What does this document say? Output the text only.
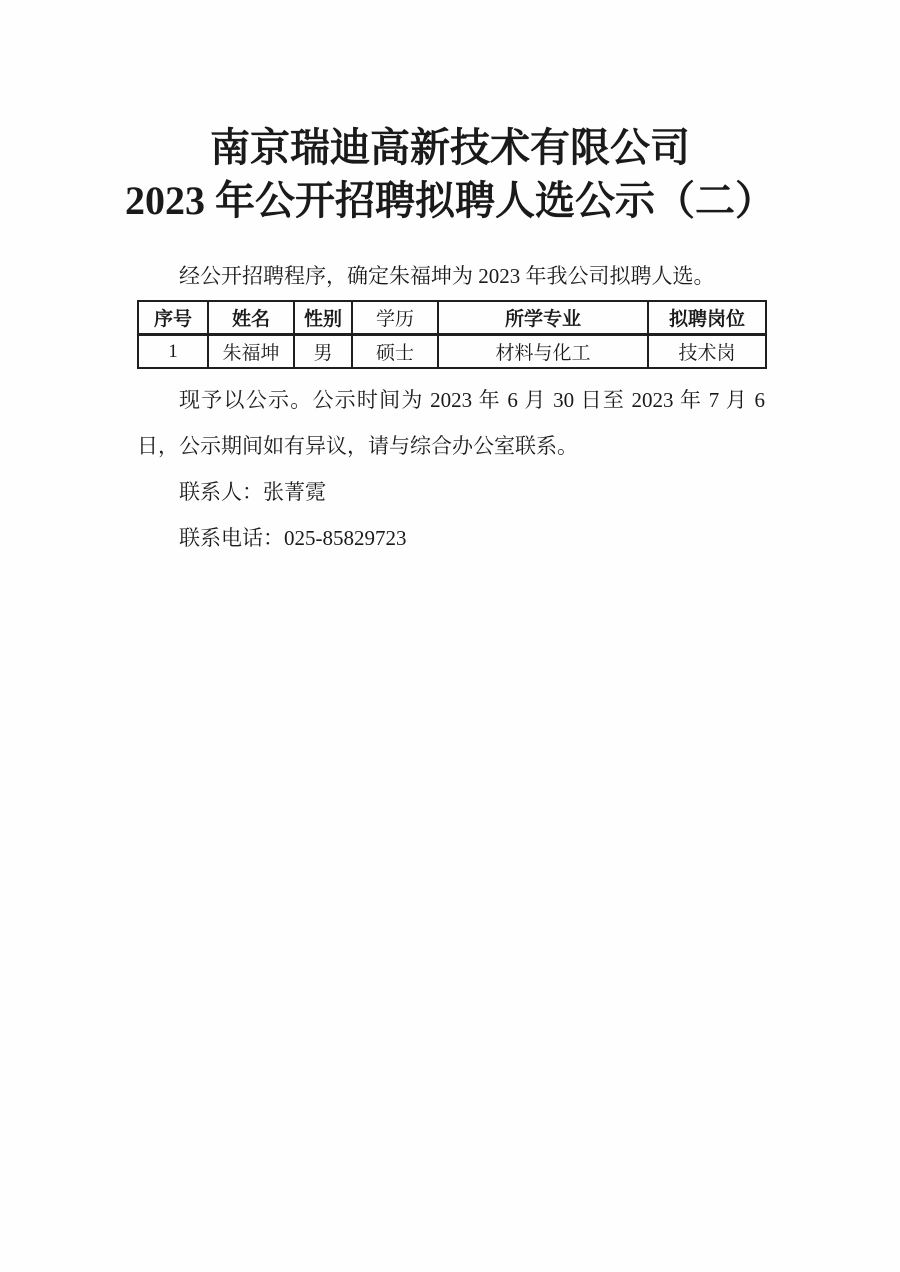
南京瑞迪高新技术有限公司
2023 年公开招聘拟聘人选公示（二）

经公开招聘程序，确定朱福坤为 2023 年我公司拟聘人选。

序号	姓名	性别	学历	所学专业	拟聘岗位
1	朱福坤	男	硕士	材料与化工	技术岗

现予以公示。公示时间为 2023 年 6 月 30 日至 2023 年 7 月 6 日，公示期间如有异议，请与综合办公室联系。

联系人：张菁霓

联系电话：025-85829723
